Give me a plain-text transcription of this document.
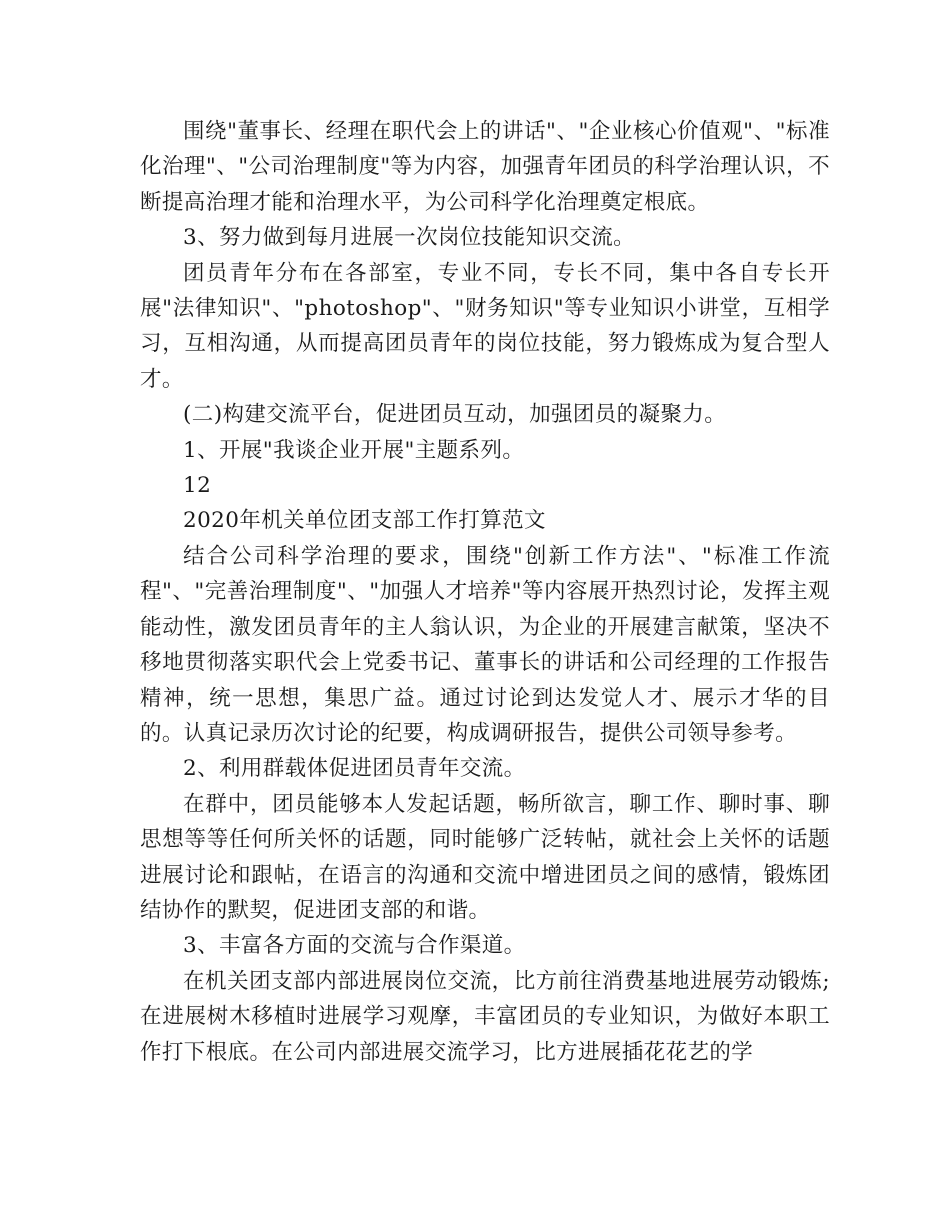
围绕"董事长、经理在职代会上的讲话"、"企业核心价值观"、"标准化治理"、"公司治理制度"等为内容，加强青年团员的科学治理认识，不断提高治理才能和治理水平，为公司科学化治理奠定根底。

3、努力做到每月进展一次岗位技能知识交流。

团员青年分布在各部室，专业不同，专长不同，集中各自专长开展"法律知识"、"photoshop"、"财务知识"等专业知识小讲堂，互相学习，互相沟通，从而提高团员青年的岗位技能，努力锻炼成为复合型人才。

(二)构建交流平台，促进团员互动，加强团员的凝聚力。

1、开展"我谈企业开展"主题系列。

12

2020年机关单位团支部工作打算范文

结合公司科学治理的要求，围绕"创新工作方法"、"标准工作流程"、"完善治理制度"、"加强人才培养"等内容展开热烈讨论，发挥主观能动性，激发团员青年的主人翁认识，为企业的开展建言献策，坚决不移地贯彻落实职代会上党委书记、董事长的讲话和公司经理的工作报告精神，统一思想，集思广益。通过讨论到达发觉人才、展示才华的目的。认真记录历次讨论的纪要，构成调研报告，提供公司领导参考。

2、利用群载体促进团员青年交流。

在群中，团员能够本人发起话题，畅所欲言，聊工作、聊时事、聊思想等等任何所关怀的话题，同时能够广泛转帖，就社会上关怀的话题进展讨论和跟帖，在语言的沟通和交流中增进团员之间的感情，锻炼团结协作的默契，促进团支部的和谐。

3、丰富各方面的交流与合作渠道。

在机关团支部内部进展岗位交流，比方前往消费基地进展劳动锻炼;在进展树木移植时进展学习观摩，丰富团员的专业知识，为做好本职工作打下根底。在公司内部进展交流学习，比方进展插花花艺的学
